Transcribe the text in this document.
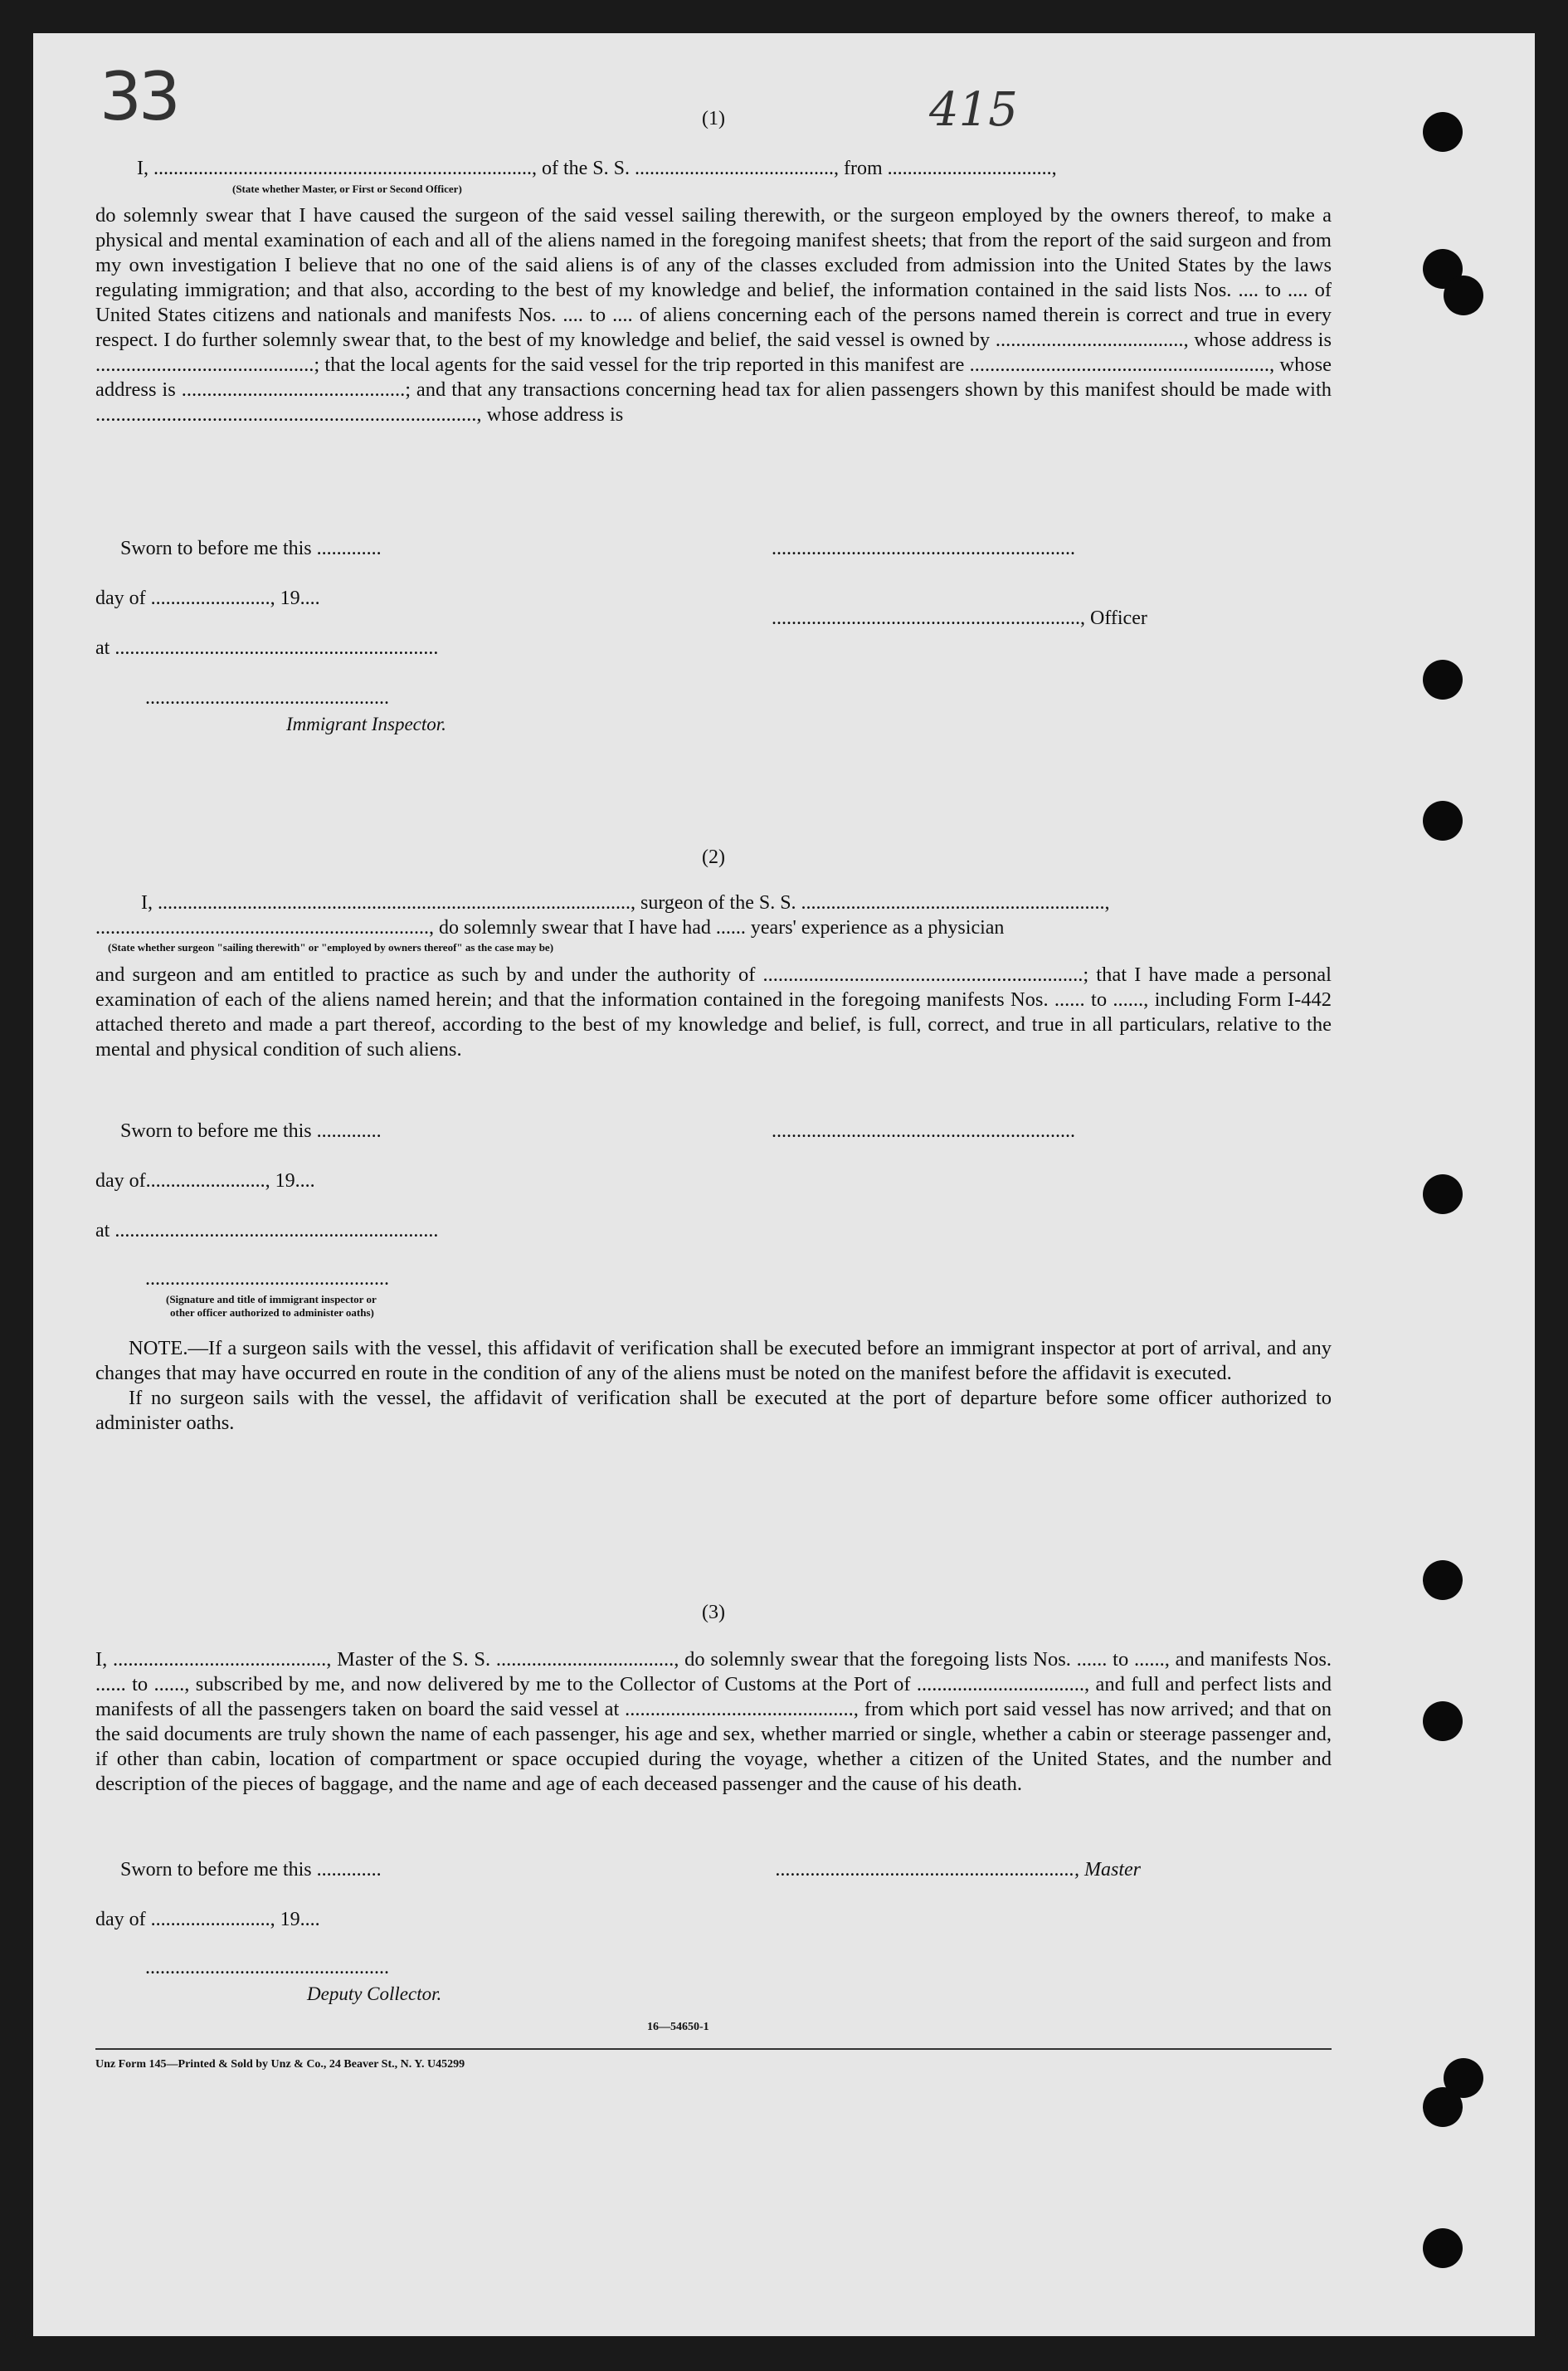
33	415
(1)
I, ............................................................................, of the S. S. ........................................, from .................................,
(State whether Master, or First or Second Officer)

do solemnly swear that I have caused the surgeon of the said vessel sailing therewith, or the surgeon employed by the owners thereof, to make a physical and mental examination of each and all of the aliens named in the foregoing manifest sheets; that from the report of the said surgeon and from my own investigation I believe that no one of the said aliens is of any of the classes excluded from admission into the United States by the laws regulating immigration; and that also, according to the best of my knowledge and belief, the information contained in the said lists Nos. .... to .... of United States citizens and nationals and manifests Nos. .... to .... of aliens concerning each of the persons named therein is correct and true in every respect. I do further solemnly swear that, to the best of my knowledge and belief, the said vessel is owned by ....................................., whose address is ...........................................; that the local agents for the said vessel for the trip reported in this manifest are ..........................................................., whose address is ............................................; and that any transactions concerning head tax for alien passengers shown by this manifest should be made with ..........................................................................., whose address is

Sworn to before me this .............	.............................................................
day of ........................, 19....
.............................................................., Officer
at .................................................................
.................................................
Immigrant Inspector.
(2)
I, ..............................................................................................., surgeon of the S. S. .............................................................,
..................................................................., do solemnly swear that I have had ...... years' experience as a physician
(State whether surgeon "sailing therewith" or "employed by owners thereof" as the case may be)

and surgeon and am entitled to practice as such by and under the authority of ...............................................................; that I have made a personal examination of each of the aliens named herein; and that the information contained in the foregoing manifests Nos. ...... to ......, including Form I-442 attached thereto and made a part thereof, according to the best of my knowledge and belief, is full, correct, and true in all particulars, relative to the mental and physical condition of such aliens.

Sworn to before me this .............	.............................................................
day of........................, 19....
at .................................................................
.................................................
(Signature and title of immigrant inspector or
other officer authorized to administer oaths)

NOTE.—If a surgeon sails with the vessel, this affidavit of verification shall be executed before an immigrant inspector at port of arrival, and any changes that may have occurred en route in the condition of any of the aliens must be noted on the manifest before the affidavit is executed.

If no surgeon sails with the vessel, the affidavit of verification shall be executed at the port of departure before some officer authorized to administer oaths.

(3)

I, .........................................., Master of the S. S. ..................................., do solemnly swear that the foregoing lists Nos. ...... to ......, and manifests Nos. ...... to ......, subscribed by me, and now delivered by me to the Collector of Customs at the Port of ................................., and full and perfect lists and manifests of all the passengers taken on board the said vessel at ............................................., from which port said vessel has now arrived; and that on the said documents are truly shown the name of each passenger, his age and sex, whether married or single, whether a cabin or steerage passenger and, if other than cabin, location of compartment or space occupied during the voyage, whether a citizen of the United States, and the number and description of the pieces of baggage, and the name and age of each deceased passenger and the cause of his death.

Sworn to before me this .............	............................................................, Master
day of ........................, 19....
.................................................
Deputy Collector.
16—54650-1
Unz Form 145—Printed & Sold by Unz & Co., 24 Beaver St., N. Y. U45299
